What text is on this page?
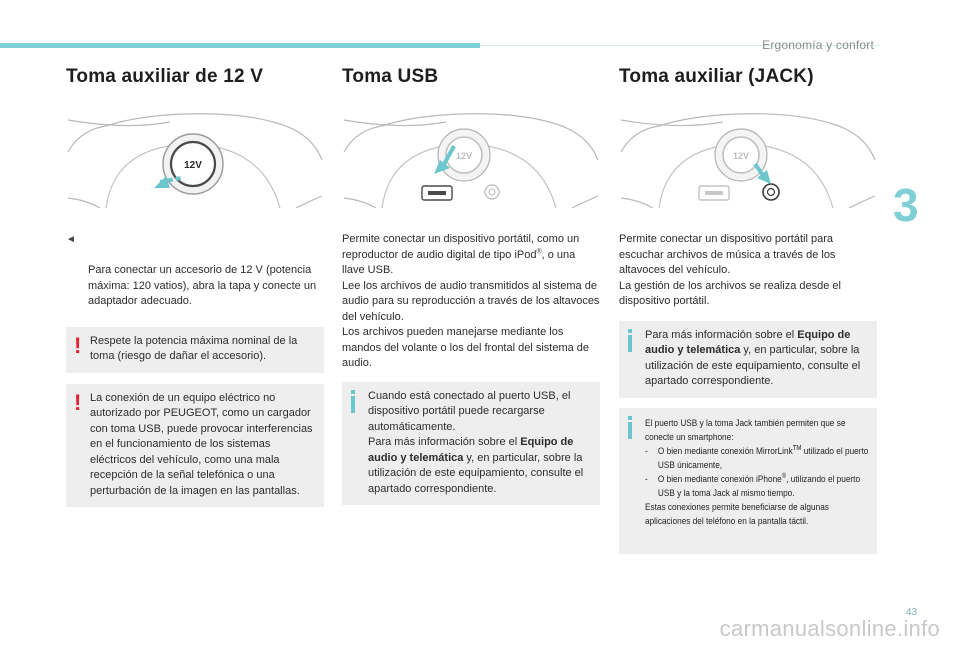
Ergonomía y confort
3
43
carmanualsonline.info
Toma auxiliar de 12 V
12V

◄

Para conectar un accesorio de 12 V (potencia máxima: 120 vatios), abra la tapa y conecte un adaptador adecuado.

! Respete la potencia máxima nominal de la toma (riesgo de dañar el accesorio).
! La conexión de un equipo eléctrico no autorizado por PEUGEOT, como un cargador con toma USB, puede provocar interferencias en el funcionamiento de los sistemas eléctricos del vehículo, como una mala recepción de la señal telefónica o una perturbación de la imagen en las pantallas.
Toma USB
12V
Permite conectar un dispositivo portátil, como un reproductor de audio digital de tipo iPod®, o una llave USB.
Lee los archivos de audio transmitidos al sistema de audio para su reproducción a través de los altavoces del vehículo.
Los archivos pueden manejarse mediante los mandos del volante o los del frontal del sistema de audio.
Cuando está conectado al puerto USB, el dispositivo portátil puede recargarse automáticamente.
Para más información sobre el Equipo de audio y telemática y, en particular, sobre la utilización de este equipamiento, consulte el apartado correspondiente.
Toma auxiliar (JACK)
12V
Permite conectar un dispositivo portátil para escuchar archivos de música a través de los altavoces del vehículo.
La gestión de los archivos se realiza desde el dispositivo portátil.
Para más información sobre el Equipo de audio y telemática y, en particular, sobre la utilización de este equipamiento, consulte el apartado correspondiente.
El puerto USB y la toma Jack también permiten que se conecte un smartphone:
- O bien mediante conexión MirrorLink™ utilizado el puerto USB únicamente,
- O bien mediante conexión iPhone®, utilizando el puerto USB y la toma Jack al mismo tiempo.
Estas conexiones permite beneficiarse de algunas aplicaciones del teléfono en la pantalla táctil.
